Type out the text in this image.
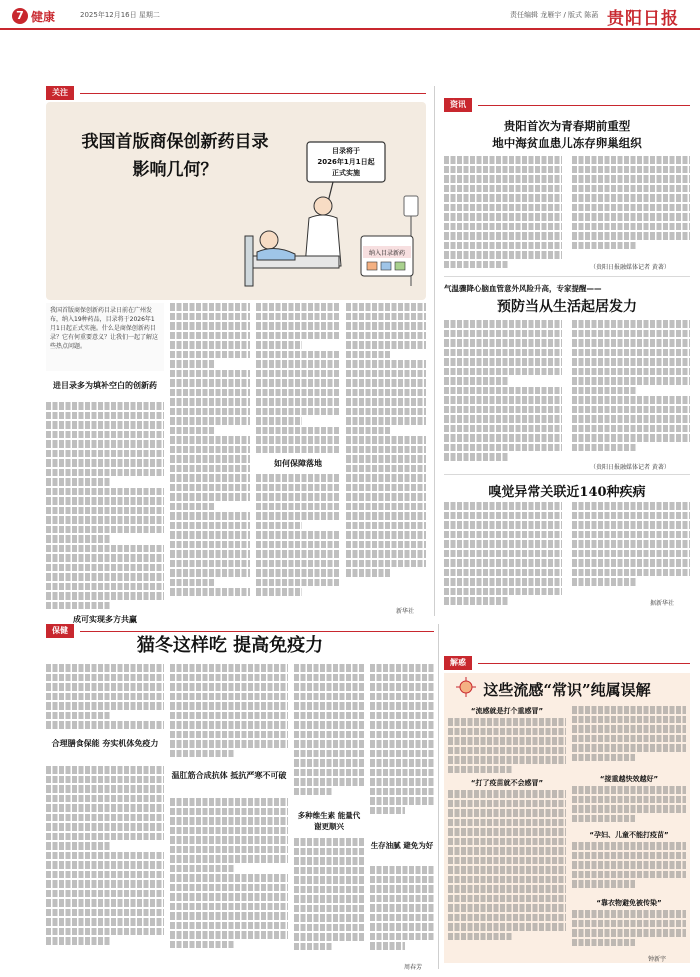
7 健康	2025年12月16日 星期二	责任编辑 龙雁宇 / 版式 陈菡 贵阳日报
关注
我国首版商保创新药目录
影响几何？
目录将于
2026年1月1日起
正式实施
纳入目录新药
我国首版商保创新药目录日前在广州发布，纳入19种药品，目录将于2026年1月1日起正式实施。什么是商保创新药目录？它有何重要意义？让我们一起了解这些热点问题。
进目录多为填补空白的创新药
成可实现多方共赢
如何保障落地
新华社
资讯
贵阳首次为青春期前重型
地中海贫血患儿冻存卵巢组织
（贵阳日报融媒体记者 黄著）
气温骤降心脑血管意外风险升高，专家提醒——
预防当从生活起居发力
（贵阳日报融媒体记者 黄著）
嗅觉异常关联近140种疾病
据新华社
保健
猫冬这样吃 提高免疫力
合理膳食保能 夯实机体免疫力
温肛筋合成抗体 抵抗严寒不可破
多种维生素 能量代谢更顺兴
生存油腻 避免为好
周春芳
解惑
这些流感“常识”纯属误解
“流感就是打个重感冒”
“打了疫苗就不会感冒”	“接重越快效越好”
“孕妇、儿童不能打疫苗”
“靠衣物避免被传染”
钟新宇
